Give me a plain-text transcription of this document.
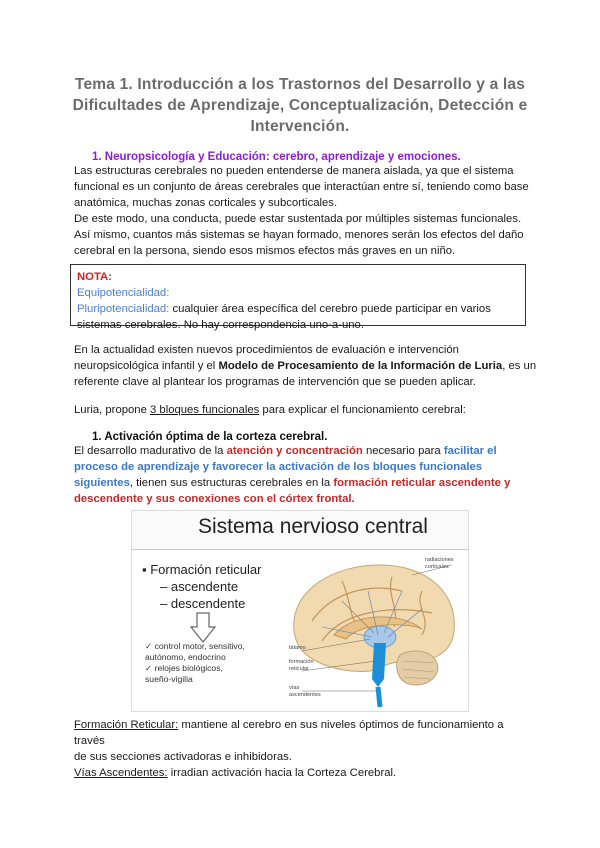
Tema 1. Introducción a los Trastornos del Desarrollo y a las
Dificultades de Aprendizaje, Conceptualización, Detección e
Intervención.
1. Neuropsicología y Educación: cerebro, aprendizaje y emociones.
Las estructuras cerebrales no pueden entenderse de manera aislada, ya que el sistema
funcional es un conjunto de áreas cerebrales que interactúan entre sí, teniendo como base
anatómica, muchas zonas corticales y subcorticales.
De este modo, una conducta, puede estar sustentada por múltiples sistemas funcionales.
Así mismo, cuantos más sistemas se hayan formado, menores serán los efectos del daño
cerebral en la persona, siendo esos mismos efectos más graves en un niño.
NOTA:
Equipotencialidad:
Pluripotencialidad: cualquier área específica del cerebro puede participar en varios
sistemas cerebrales. No hay correspondencia uno-a-uno.
En la actualidad existen nuevos procedimientos de evaluación e intervención
neuropsicológica infantil y el Modelo de Procesamiento de la Información de Luria, es un
referente clave al plantear los programas de intervención que se pueden aplicar.
Luria, propone 3 bloques funcionales para explicar el funcionamiento cerebral:
1. Activación óptima de la corteza cerebral.
El desarrollo madurativo de la atención y concentración necesario para facilitar el
proceso de aprendizaje y favorecer la activación de los bloques funcionales
siguientes, tienen sus estructuras cerebrales en la formación reticular ascendente y
descendente y sus conexiones con el córtex frontal.
Sistema nervioso central
▪ Formación reticular
– ascendente
– descendente
✓ control motor, sensitivo,
autónomo, endocrino
✓ relojes biológicos,
sueño-vigilia
radiaciones
corticales
tálamo
formación
reticular
vías
ascendentes
Formación Reticular: mantiene al cerebro en sus niveles óptimos de funcionamiento a través
de sus secciones activadoras e inhibidoras.
Vías Ascendentes: irradian activación hacia la Corteza Cerebral.
